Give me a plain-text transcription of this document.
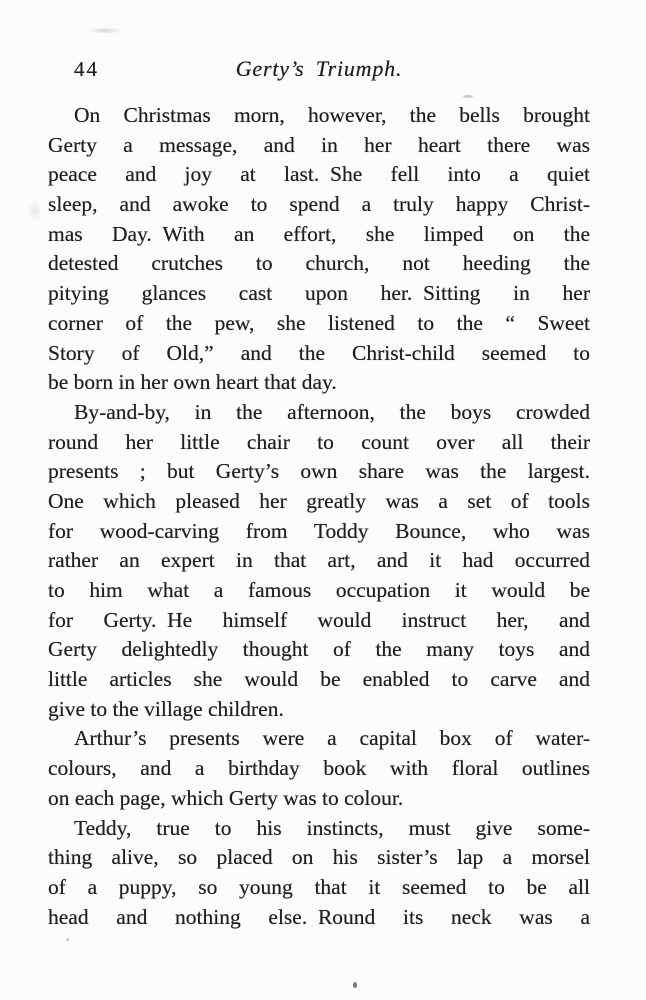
44	Gerty’s Triumph.
On Christmas morn, however, the bells brought
Gerty a message, and in her heart there was
peace and joy at last. She fell into a quiet
sleep, and awoke to spend a truly happy Christ-
mas Day. With an effort, she limped on the
detested crutches to church, not heeding the
pitying glances cast upon her. Sitting in her
corner of the pew, she listened to the “ Sweet
Story of Old,” and the Christ-child seemed to
be born in her own heart that day.
By-and-by, in the afternoon, the boys crowded
round her little chair to count over all their
presents ; but Gerty’s own share was the largest.
One which pleased her greatly was a set of tools
for wood-carving from Toddy Bounce, who was
rather an expert in that art, and it had occurred
to him what a famous occupation it would be
for Gerty. He himself would instruct her, and
Gerty delightedly thought of the many toys and
little articles she would be enabled to carve and
give to the village children.
Arthur’s presents were a capital box of water-
colours, and a birthday book with floral outlines
on each page, which Gerty was to colour.
Teddy, true to his instincts, must give some-
thing alive, so placed on his sister’s lap a morsel
of a puppy, so young that it seemed to be all
head and nothing else. Round its neck was a
